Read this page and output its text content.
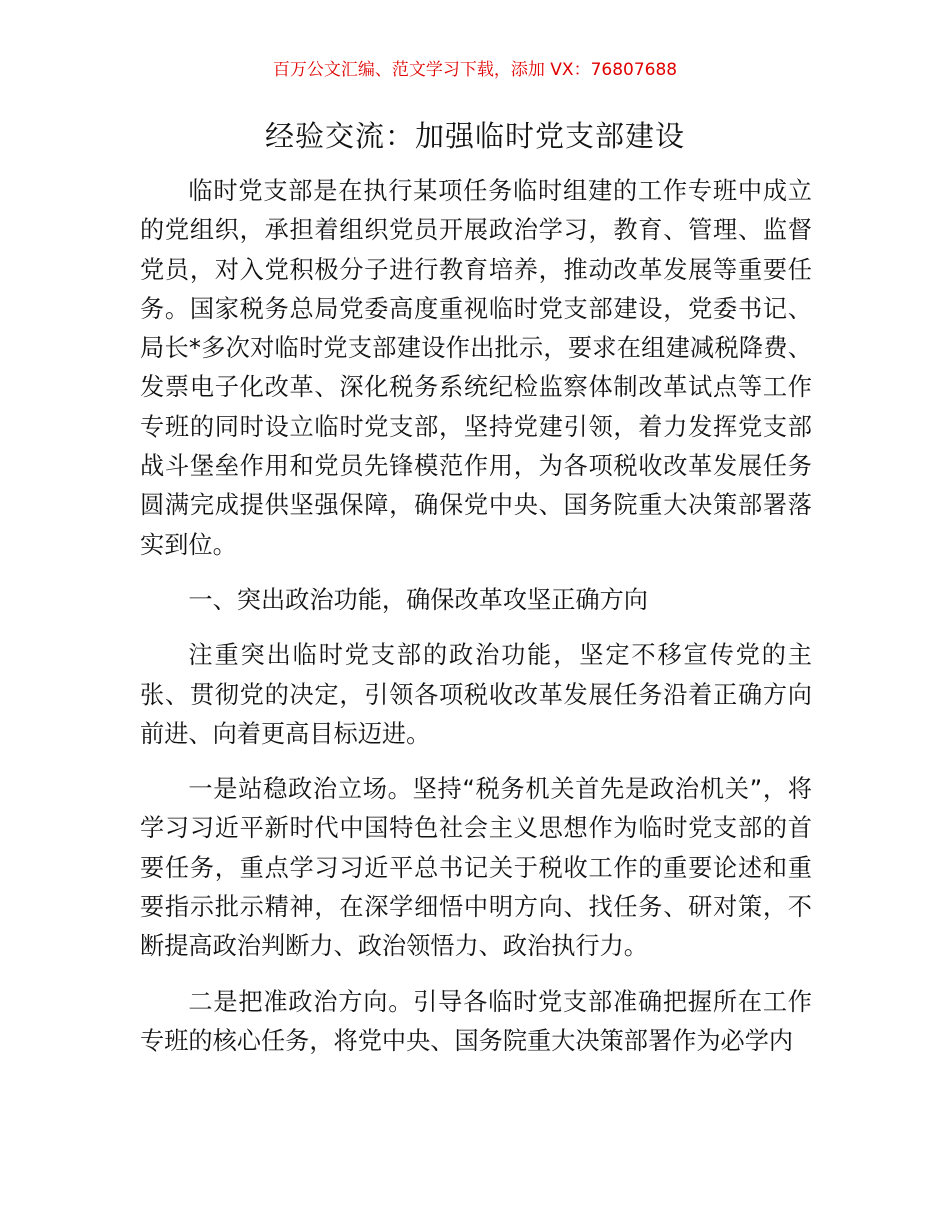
百万公文汇编、范文学习下载，添加 VX：76807688
经验交流：加强临时党支部建设

临时党支部是在执行某项任务临时组建的工作专班中成立的党组织，承担着组织党员开展政治学习，教育、管理、监督党员，对入党积极分子进行教育培养，推动改革发展等重要任务。国家税务总局党委高度重视临时党支部建设，党委书记、局长*多次对临时党支部建设作出批示，要求在组建减税降费、发票电子化改革、深化税务系统纪检监察体制改革试点等工作专班的同时设立临时党支部，坚持党建引领，着力发挥党支部战斗堡垒作用和党员先锋模范作用，为各项税收改革发展任务圆满完成提供坚强保障，确保党中央、国务院重大决策部署落实到位。

一、突出政治功能，确保改革攻坚正确方向

注重突出临时党支部的政治功能，坚定不移宣传党的主张、贯彻党的决定，引领各项税收改革发展任务沿着正确方向前进、向着更高目标迈进。

一是站稳政治立场。坚持“税务机关首先是政治机关”，将学习习近平新时代中国特色社会主义思想作为临时党支部的首要任务，重点学习习近平总书记关于税收工作的重要论述和重要指示批示精神，在深学细悟中明方向、找任务、研对策，不断提高政治判断力、政治领悟力、政治执行力。

二是把准政治方向。引导各临时党支部准确把握所在工作专班的核心任务，将党中央、国务院重大决策部署作为必学内
